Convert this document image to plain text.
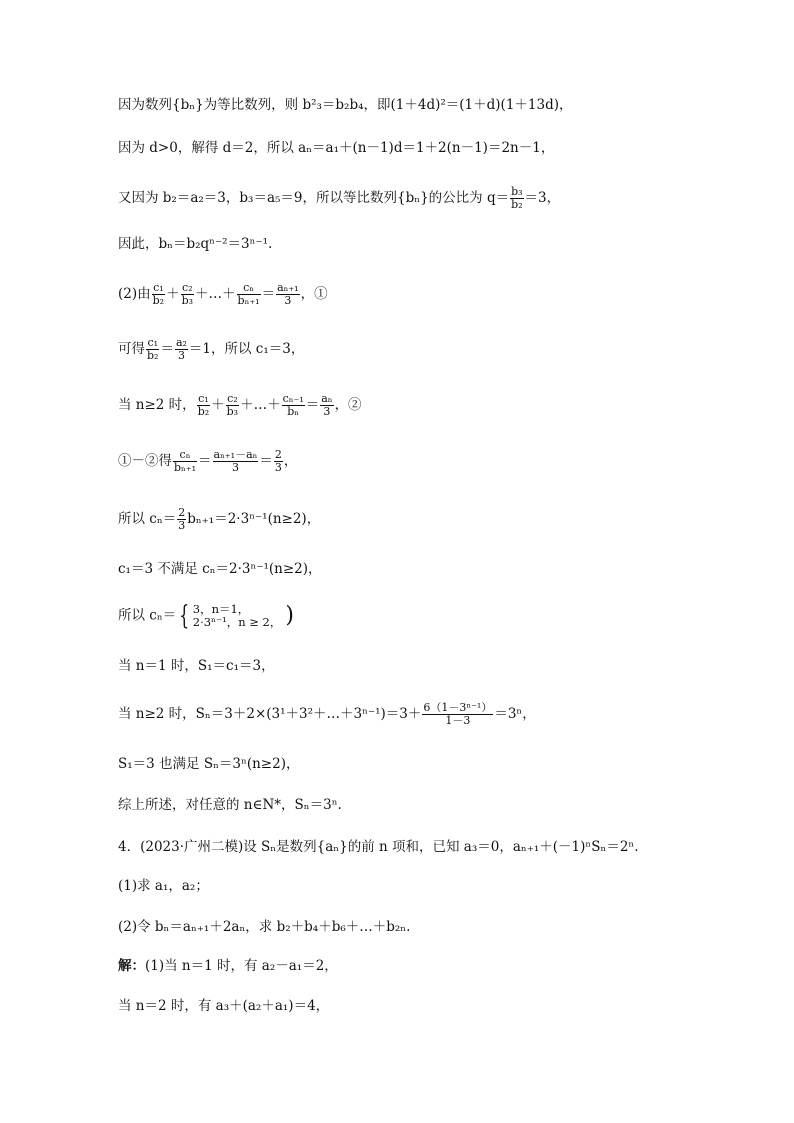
因为数列{bₙ}为等比数列，则 b²₃＝b₂b₄，即(1＋4d)²＝(1＋d)(1＋13d)，
因为 d>0，解得 d＝2，所以 aₙ＝a₁＋(n－1)d＝1＋2(n－1)＝2n－1，
又因为 b₂＝a₂＝3，b₃＝a₅＝9，所以等比数列{bₙ}的公比为 $q= \frac{\text{b₃}}{\text{b₂}} =3$，
因此，bₙ＝b₂qⁿ⁻²＝3ⁿ⁻¹.
(2)由 $\frac{\text{c₁}}{\text{b₂}} + \frac{\text{c₂}}{\text{b₃}}$ ＋…＋ $\frac{\text{cₙ}}{\text{bₙ₊₁}} = \frac{\text{aₙ₊₁}}{3}$ ，①
可得 $\frac{\text{c₁}}{\text{b₂}} = \frac{\text{a₂}}{3} =1$，所以 c₁＝3，
当 n≥2 时， $\frac{\text{c₁}}{\text{b₂}} + \frac{\text{c₂}}{\text{b₃}}$ ＋…＋ $\frac{\text{cₙ₋₁}}{\text{bₙ}} = \frac{\text{aₙ}}{3}$ ，②
①－②得 $\frac{\text{cₙ}}{\text{bₙ₊₁}} = \frac{\text{aₙ₊₁－aₙ}}{3} = \frac{2}{3}$ ，
所以 $c_n= \frac{2}{3} b_{n+1}=2\cdot 3^{n-1}(n\ge 2)$，
c₁＝3 不满足 cₙ＝2·3ⁿ⁻¹(n≥2)，
所以 cₙ＝ { 3，n＝1，
2·3ⁿ⁻¹，n ≥ 2， )
当 n＝1 时，S₁＝c₁＝3，
当 n≥2 时，Sₙ＝3＋2×(3¹＋3²＋…＋3ⁿ⁻¹)＝3＋ $\frac{\text{6（1－3ⁿ⁻¹）}}{1-3} =3^n$，
S₁＝3 也满足 Sₙ＝3ⁿ(n≥2)，
综上所述，对任意的 n∈N*，Sₙ＝3ⁿ.
4．(2023·广州二模)设 Sₙ是数列{aₙ}的前 n 项和，已知 a₃＝0，aₙ₊₁＋(－1)ⁿSₙ＝2ⁿ.
(1)求 a₁，a₂；
(2)令 bₙ＝aₙ₊₁＋2aₙ，求 b₂＋b₄＋b₆＋…＋b₂ₙ.
解：(1)当 n＝1 时，有 a₂－a₁＝2，
当 n＝2 时，有 a₃＋(a₂＋a₁)＝4，
